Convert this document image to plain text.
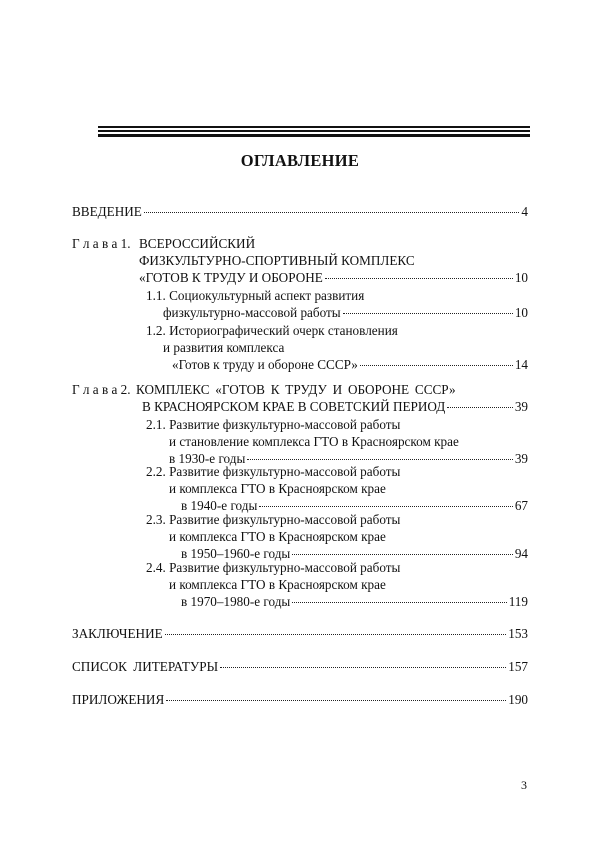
ОГЛАВЛЕНИЕ
ВВЕДЕНИЕ	4
Г л а в а 1. ВСЕРОССИЙСКИЙ
ФИЗКУЛЬТУРНО-СПОРТИВНЫЙ КОМПЛЕКС
«ГОТОВ К ТРУДУ И ОБОРОНЕ	10
1.1. Социокультурный аспект развития
физкультурно-массовой работы	10
1.2. Историографический очерк становления
и развития комплекса
«Готов к труду и обороне СССР»	14
Г л а в а 2. КОМПЛЕКС «ГОТОВ К ТРУДУ И ОБОРОНЕ СССР»
В КРАСНОЯРСКОМ КРАЕ В СОВЕТСКИЙ ПЕРИОД	39
2.1. Развитие физкультурно-массовой работы
и становление комплекса ГТО в Красноярском крае
в 1930-е годы	39
2.2. Развитие физкультурно-массовой работы
и комплекса ГТО в Красноярском крае
в 1940-е годы	67
2.3. Развитие физкультурно-массовой работы
и комплекса ГТО в Красноярском крае
в 1950–1960-е годы	94
2.4. Развитие физкультурно-массовой работы
и комплекса ГТО в Красноярском крае
в 1970–1980-е годы	119
ЗАКЛЮЧЕНИЕ	153
СПИСОК ЛИТЕРАТУРЫ	157
ПРИЛОЖЕНИЯ	190
3
